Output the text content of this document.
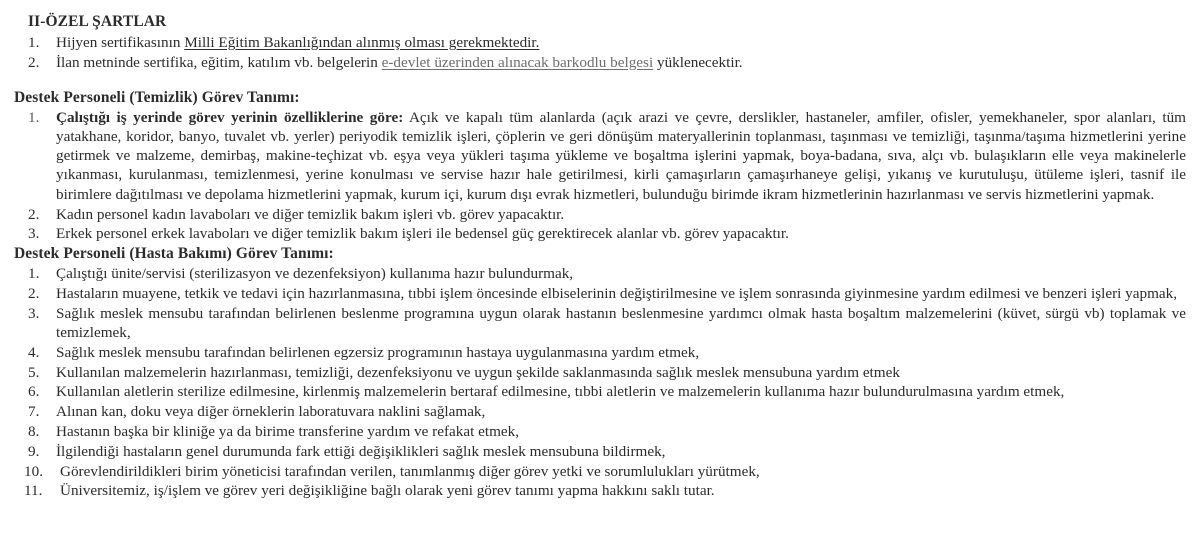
II-ÖZEL ŞARTLAR
1.	Hijyen sertifikasının Milli Eğitim Bakanlığından alınmış olması gerekmektedir.
2.	İlan metninde sertifika, eğitim, katılım vb. belgelerin e-devlet üzerinden alınacak barkodlu belgesi yüklenecektir.
Destek Personeli (Temizlik) Görev Tanımı:
1.	Çalıştığı iş yerinde görev yerinin özelliklerine göre: Açık ve kapalı tüm alanlarda (açık arazi ve çevre, derslikler, hastaneler, amfiler, ofisler, yemekhaneler, spor alanları, tüm yatakhane, koridor, banyo, tuvalet vb. yerler) periyodik temizlik işleri, çöplerin ve geri dönüşüm materyallerinin toplanması, taşınması ve temizliği, taşınma/taşıma hizmetlerini yerine getirmek ve malzeme, demirbaş, makine-teçhizat vb. eşya veya yükleri taşıma yükleme ve boşaltma işlerini yapmak, boya-badana, sıva, alçı vb. bulaşıkların elle veya makinelerle yıkanması, kurulanması, temizlenmesi, yerine konulması ve servise hazır hale getirilmesi, kirli çamaşırların çamaşırhaneye gelişi, yıkanış ve kurutuluşu, ütüleme işleri, tasnif ile birimlere dağıtılması ve depolama hizmetlerini yapmak, kurum içi, kurum dışı evrak hizmetleri, bulunduğu birimde ikram hizmetlerinin hazırlanması ve servis hizmetlerini yapmak.
2.	Kadın personel kadın lavaboları ve diğer temizlik bakım işleri vb. görev yapacaktır.
3.	Erkek personel erkek lavaboları ve diğer temizlik bakım işleri ile bedensel güç gerektirecek alanlar vb. görev yapacaktır.
Destek Personeli (Hasta Bakımı) Görev Tanımı:
1.	Çalıştığı ünite/servisi (sterilizasyon ve dezenfeksiyon) kullanıma hazır bulundurmak,
2.	Hastaların muayene, tetkik ve tedavi için hazırlanmasına, tıbbi işlem öncesinde elbiselerinin değiştirilmesine ve işlem sonrasında giyinmesine yardım edilmesi ve benzeri işleri yapmak,
3.	Sağlık meslek mensubu tarafından belirlenen beslenme programına uygun olarak hastanın beslenmesine yardımcı olmak hasta boşaltım malzemelerini (küvet, sürgü vb) toplamak ve temizlemek,
4.	Sağlık meslek mensubu tarafından belirlenen egzersiz programının hastaya uygulanmasına yardım etmek,
5.	Kullanılan malzemelerin hazırlanması, temizliği, dezenfeksiyonu ve uygun şekilde saklanmasında sağlık meslek mensubuna yardım etmek
6.	Kullanılan aletlerin sterilize edilmesine, kirlenmiş malzemelerin bertaraf edilmesine, tıbbi aletlerin ve malzemelerin kullanıma hazır bulundurulmasına yardım etmek,
7.	Alınan kan, doku veya diğer örneklerin laboratuvara naklini sağlamak,
8.	Hastanın başka bir kliniğe ya da birime transferine yardım ve refakat etmek,
9.	İlgilendiği hastaların genel durumunda fark ettiği değişiklikleri sağlık meslek mensubuna bildirmek,
10.	Görevlendirildikleri birim yöneticisi tarafından verilen, tanımlanmış diğer görev yetki ve sorumlulukları yürütmek,
11.	Üniversitemiz, iş/işlem ve görev yeri değişikliğine bağlı olarak yeni görev tanımı yapma hakkını saklı tutar.
